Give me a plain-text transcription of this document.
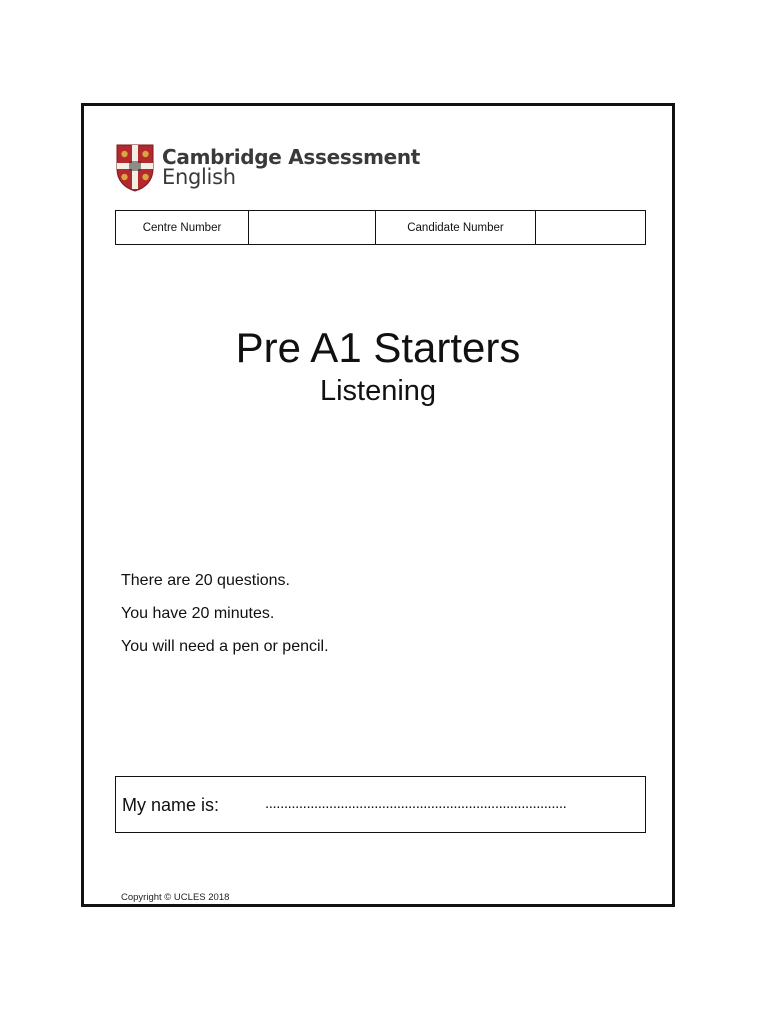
Cambridge Assessment
English
Centre Number		Candidate Number	
Pre A1 Starters
Listening

There are 20 questions.

You have 20 minutes.

You will need a pen or pencil.

My name is:	................................................................................
Copyright © UCLES 2018
